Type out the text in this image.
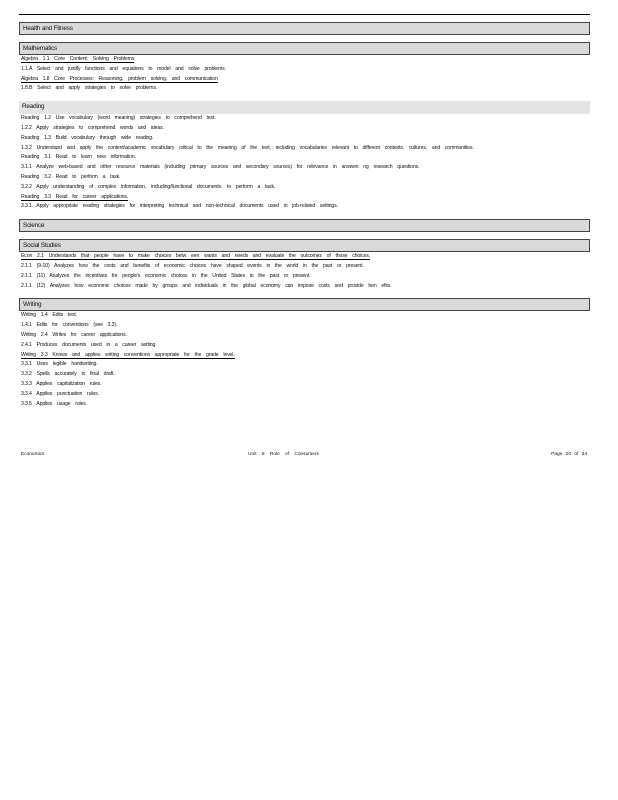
Health and Fitness
Mathematics
Algebra 1.1 Core Content: Solving Problems
1.1.A Select and justify functions and equations to model and solve problems.
Algebra 1.8 Core Processes: Reasoning, problem solving, and communication
1.8.B Select and apply strategies to solve problems.
Reading
Reading 1.2 Use vocabulary (word meaning) strategies to comprehend text.
1.2.2 Apply strategies to comprehend words and ideas.
Reading 1.3 Build vocabulary through wide reading.
1.3.2 Understand and apply the content/academic vocabulary critical to the meaning of the text, including vocabularies relevant to different contexts, cultures, and communities.
Reading 3.1 Read to learn new information.
3.1.1 Analyze web-based and other resource materials (including primary sources and secondary sources) for relevance in answeri ng research questions.
Reading 3.2 Read to perform a task.
3.2.2 Apply understanding of complex information, including/functional documents. to perform a task.
Reading 3.3 Read for career applications.
3.3.1 Apply appropriate reading strategies for interpreting technical and non-technical documents used in job-related settings.
Science
Social Studies
Econ 2.1 Understands that people have to make choices betw een wants and needs and evaluate the outcomes of those choices.
2.1.1 (9-10) Analyzes how the costs and benefits of economic choices have shaped events in the world in the past or present.
2.1.1 (11) Analyzes the incentives for people's economic choices in the United States in the past or present.
2.1.1 (12) Analyzes how economic choices made by groups and individuals in the global economy can impose costs and provide ben efits.
Writing
Writing 1.4 Edits text.
1.4.1 Edits for conventions (see 3.3).
Writing 2.4 Writes for career applications.
2.4.1 Produces documents used in a career setting.
Writing 3.3 Knows and applies writing conventions appropriate for the grade level.
3.3.1 Uses legible handwriting.
3.3.2 Spells accurately in final draft.
3.3.3 Applies capitalization rules.
3.3.4 Applies punctuation rules.
3.3.5 Applies usage rules.
Economics	Unit 8 Role of Consumers	Page 20 of 34
